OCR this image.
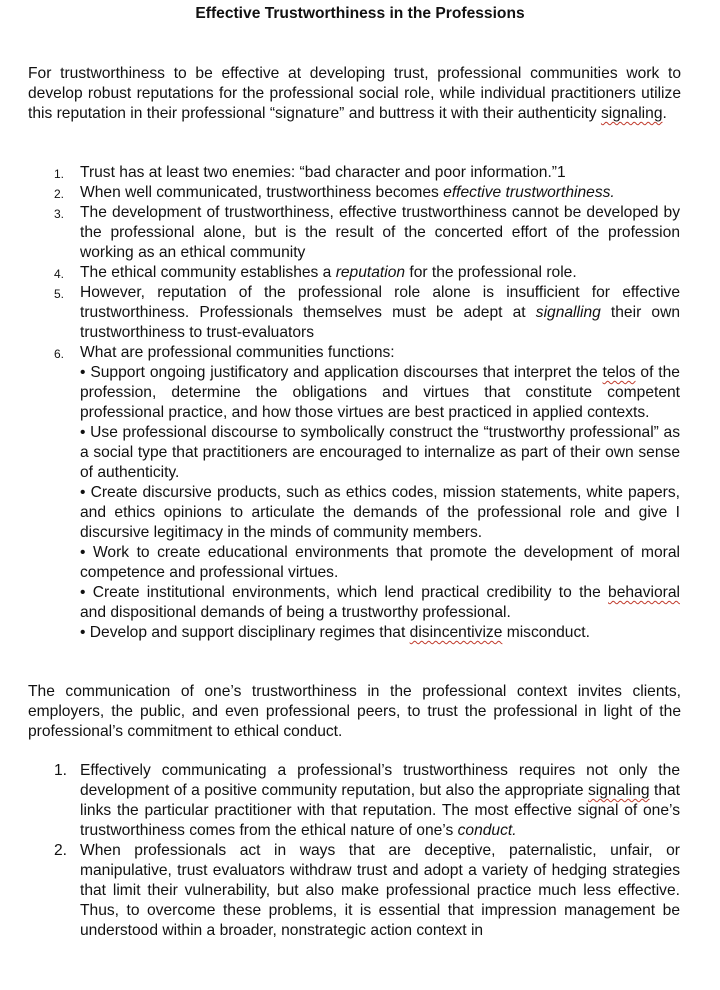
Effective Trustworthiness in the Professions

For trustworthiness to be effective at developing trust, professional communities work to develop robust reputations for the professional social role, while individual practitioners utilize this reputation in their professional “signature” and buttress it with their authenticity signaling.

1. Trust has at least two enemies: “bad character and poor information.”1
2. When well communicated, trustworthiness becomes effective trustworthiness.
3. The development of trustworthiness, effective trustworthiness cannot be developed by the professional alone, but is the result of the concerted effort of the profession working as an ethical community
4. The ethical community establishes a reputation for the professional role.
5. However, reputation of the professional role alone is insufficient for effective trustworthiness. Professionals themselves must be adept at signalling their own trustworthiness to trust-evaluators
6. What are professional communities functions:
• Support ongoing justificatory and application discourses that interpret the telos of the profession, determine the obligations and virtues that constitute competent professional practice, and how those virtues are best practiced in applied contexts.
• Use professional discourse to symbolically construct the “trustworthy professional” as a social type that practitioners are encouraged to internalize as part of their own sense of authenticity.
• Create discursive products, such as ethics codes, mission statements, white papers, and ethics opinions to articulate the demands of the professional role and give I discursive legitimacy in the minds of community members.
• Work to create educational environments that promote the development of moral competence and professional virtues.
• Create institutional environments, which lend practical credibility to the behavioral and dispositional demands of being a trustworthy professional.
• Develop and support disciplinary regimes that disincentivize misconduct.

The communication of one’s trustworthiness in the professional context invites clients, employers, the public, and even professional peers, to trust the professional in light of the professional’s commitment to ethical conduct.

1. Effectively communicating a professional’s trustworthiness requires not only the development of a positive community reputation, but also the appropriate signaling that links the particular practitioner with that reputation. The most effective signal of one’s trustworthiness comes from the ethical nature of one’s conduct.
2. When professionals act in ways that are deceptive, paternalistic, unfair, or manipulative, trust evaluators withdraw trust and adopt a variety of hedging strategies that limit their vulnerability, but also make professional practice much less effective. Thus, to overcome these problems, it is essential that impression management be understood within a broader, nonstrategic action context in
